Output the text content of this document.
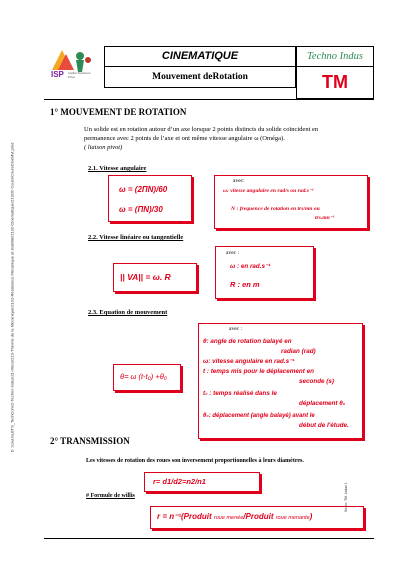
D :\cours\LBTS_TechCom\2-Techno Indus\21-Méca\213-Théorie de la Mécanique\2131-Résistance Mécanique et stabilité\2132-Cinématique\21326\ Cours\CoursCinéMvt.pmd
ISP Institut Supérieur Privé
CINEMATIQUE
Mouvement deRotation
Techno Indus
TM
1° MOUVEMENT DE ROTATION
Un solide est en rotation autour d’un axe lorsque 2 points distincts du solide coïncident en
permanence avec 2 points de l’axe et ont même vitesse angulaire ω (Oméga).
( liaison pivot)
2.1. Vitesse angulaire
ω = (2ΠN)/60
ω = (ΠN)/30
avec:
ω: vitesse angulaire en rad/s ou rad.s⁻¹
N : frequence de rotation en trs/mn ou
trs.mn⁻¹
2.2. Vitesse linéaire ou tangentielle
|| VA|| = ω. R
avec :
ω : en rad.s⁻¹
R : en m
2.3. Equation de mouvement
θ= ω (t-t₀) +θ₀
avec :
θ: angle de rotation balayé en
radian (rad)
ω: vitesse angulaire en rad.s⁻¹
t : temps mis pour le déplacement en
seconde (s)
t₀ : temps réalisé dans le
déplacement θ₀
θ₀: déplacement (angle balayé) avant le
début de l'étude.
2° TRANSMISSION
Les vitesses de rotation des roues son inversement proportionnelles à leurs diamètres.
r= d1/d2=n2/n1
# Formule de willis
r = n⁻¹(Produit roue menée/Produit roue menante)
Sexer: TM -Indus 1
